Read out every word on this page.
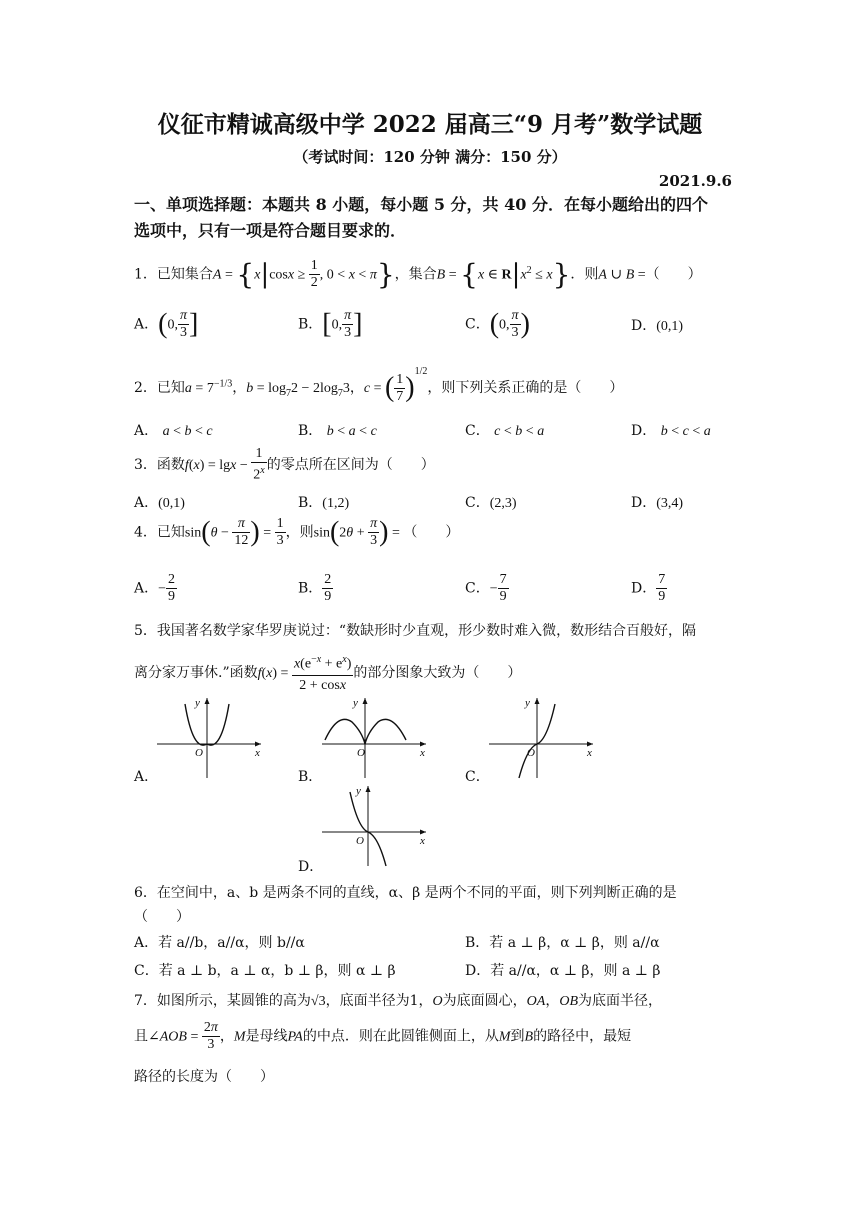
仪征市精诚高级中学 2022 届高三“9 月考”数学试题
（考试时间：120 分钟 满分：150 分）
2021.9.6
一、单项选择题：本题共 8 小题，每小题 5 分，共 40 分．在每小题给出的四个
选项中，只有一项是符合题目要求的．
1．已知集合$A = \{x|\cos x \ge \frac{1}{2}$ , 0 < x < π}，集合B = {x ∈ $R|x^2 \le x$}．则A ∪ B =（　　）
A．(0, $\frac{\pi}{3}$ ]	B．[0, $\frac{\pi}{3}$ ]	C．(0, $\frac{\pi}{3}$ )	D．(0,1)
2．已知$a = 7^{-1/3}$，$b = \log_72 - 2\log_73$，c = ( $\frac{1}{7} )^{1/2}$，则下列关系正确的是（　　）
A． a < b < c	B． b < a < c	C． c < b < a	D． b < c < a
3．函数$f(x) = \lg x - \frac{1}{2^x}$ 的零点所在区间为（　　）
A．(0,1)	B．(1,2)	C．(2,3)	D．(3,4)
4．已知$\sin(\theta - \frac{\pi}{12}$ ) = $\frac{1}{3}$ ，则$\sin(2\theta + \frac{\pi}{3}$ ) = （　　）
A．− $\frac{2}{9}$	B． $\frac{2}{9}$	C．− $\frac{7}{9}$	D． $\frac{7}{9}$
5．我国著名数学家华罗庚说过：“数缺形时少直观，形少数时难入微，数形结合百般好，隔
离分家万事休.”函数$f(x) = \frac{x(e^{-x} + e^x)}{2 + \cos x}$ 的部分图象大致为（　　）
O	x
y
A．
O	x
y
B．
O	x
y
C．
O	x
y
D．
6．在空间中，a、b 是两条不同的直线，α、β 是两个不同的平面，则下列判断正确的是
（　　）
A．若 a//b，a//α，则 b//α	B．若 a ⊥ β，α ⊥ β，则 a//α
C．若 a ⊥ b，a ⊥ α，b ⊥ β，则 α ⊥ β	D．若 a//α，α ⊥ β，则 a ⊥ β
7．如图所示，某圆锥的高为√3，底面半径为1，O为底面圆心，OA，OB为底面半径，
且∠AOB = $\frac{2\pi}{3}$ ，M是母线PA的中点．则在此圆锥侧面上，从M到B的路径中，最短
路径的长度为（　　）
